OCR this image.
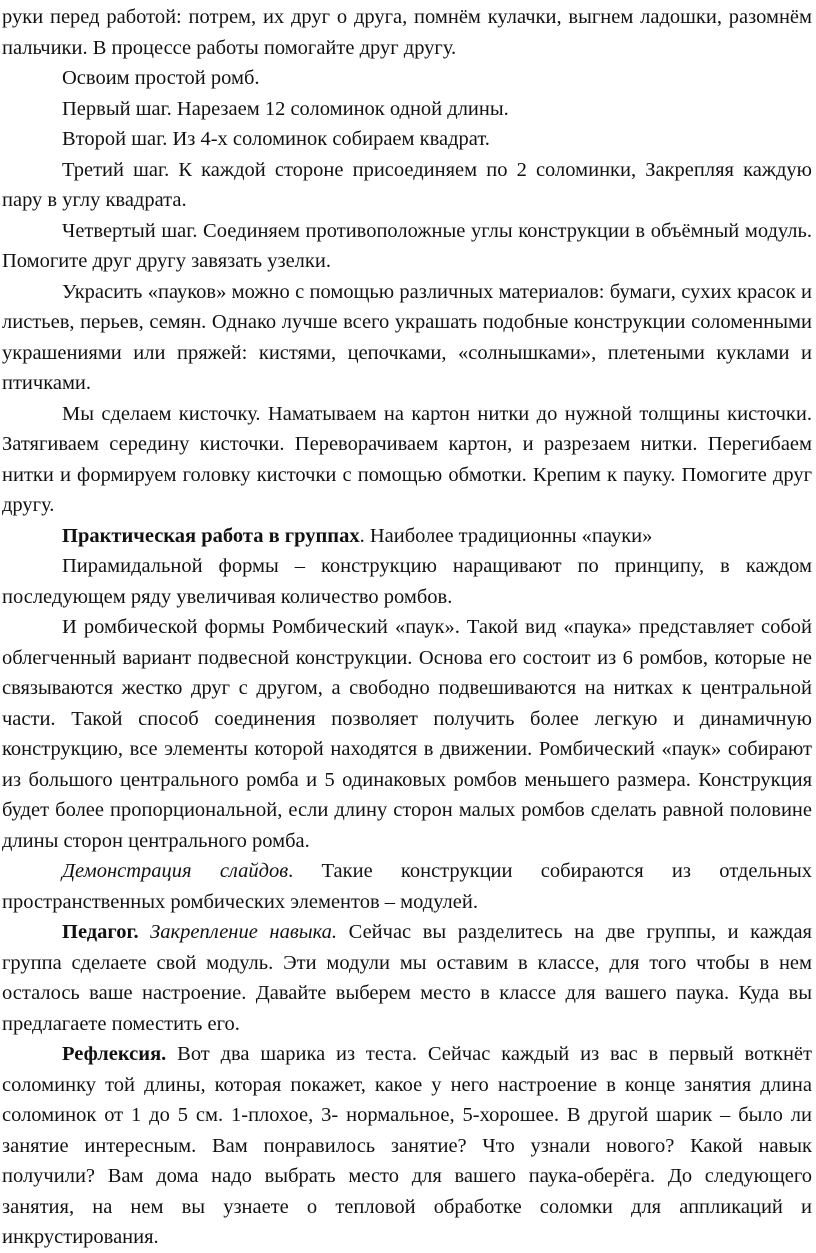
руки перед работой: потрем, их друг о друга, помнём кулачки, выгнем ладошки, разомнём пальчики. В процессе работы помогайте друг другу.

Освоим простой ромб.

Первый шаг. Нарезаем 12 соломинок одной длины.

Второй шаг. Из 4-х соломинок собираем квадрат.

Третий шаг. К каждой стороне присоединяем по 2 соломинки, Закрепляя каждую пару в углу квадрата.

Четвертый шаг. Соединяем противоположные углы конструкции в объёмный модуль. Помогите друг другу завязать узелки.

Украсить «пауков» можно с помощью различных материалов: бумаги, сухих красок и листьев, перьев, семян. Однако лучше всего украшать подобные конструкции соломенными украшениями или пряжей: кистями, цепочками, «солнышками», плетеными куклами и птичками.

Мы сделаем кисточку. Наматываем на картон нитки до нужной толщины кисточки. Затягиваем середину кисточки. Переворачиваем картон, и разрезаем нитки. Перегибаем нитки и формируем головку кисточки с помощью обмотки. Крепим к пауку. Помогите друг другу.

Практическая работа в группах. Наиболее традиционны «пауки»

Пирамидальной формы – конструкцию наращивают по принципу, в каждом последующем ряду увеличивая количество ромбов.

И ромбической формы Ромбический «паук». Такой вид «паука» представляет собой облегченный вариант подвесной конструкции. Основа его состоит из 6 ромбов, которые не связываются жестко друг с другом, а свободно подвешиваются на нитках к центральной части. Такой способ соединения позволяет получить более легкую и динамичную конструкцию, все элементы которой находятся в движении. Ромбический «паук» собирают из большого центрального ромба и 5 одинаковых ромбов меньшего размера. Конструкция будет более пропорциональной, если длину сторон малых ромбов сделать равной половине длины сторон центрального ромба.

Демонстрация слайдов. Такие конструкции собираются из отдельных пространственных ромбических элементов – модулей.

Педагог. Закрепление навыка. Сейчас вы разделитесь на две группы, и каждая группа сделаете свой модуль. Эти модули мы оставим в классе, для того чтобы в нем осталось ваше настроение. Давайте выберем место в классе для вашего паука. Куда вы предлагаете поместить его.

Рефлексия. Вот два шарика из теста. Сейчас каждый из вас в первый воткнёт соломинку той длины, которая покажет, какое у него настроение в конце занятия длина соломинок от 1 до 5 см. 1-плохое, 3- нормальное, 5-хорошее. В другой шарик – было ли занятие интересным. Вам понравилось занятие? Что узнали нового? Какой навык получили? Вам дома надо выбрать место для вашего паука-оберёга. До следующего занятия, на нем вы узнаете о тепловой обработке соломки для аппликаций и инкрустирования.
